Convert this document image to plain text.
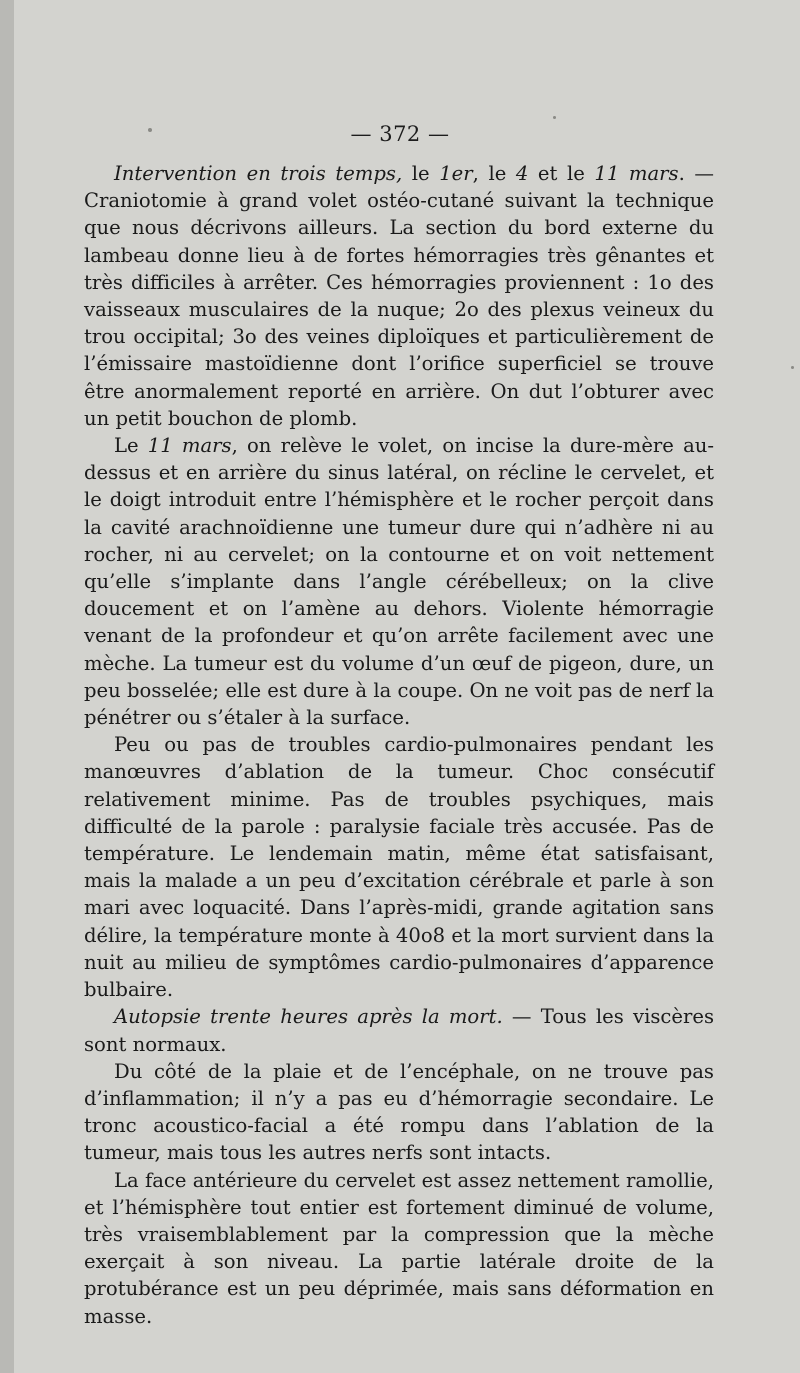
— 372 —

Intervention en trois temps, le 1er, le 4 et le 11 mars. — Craniotomie à grand volet ostéo-cutané suivant la technique que nous décrivons ailleurs. La section du bord externe du lambeau donne lieu à de fortes hémorragies très gênantes et très difficiles à arrêter. Ces hémorragies proviennent : 1o des vaisseaux musculaires de la nuque; 2o des plexus veineux du trou occipital; 3o des veines diploïques et particulièrement de l’émissaire mastoïdienne dont l’orifice superficiel se trouve être anormalement reporté en arrière. On dut l’obturer avec un petit bouchon de plomb.

Le 11 mars, on relève le volet, on incise la dure-mère au-dessus et en arrière du sinus latéral, on récline le cervelet, et le doigt introduit entre l’hémisphère et le rocher perçoit dans la cavité arachnoïdienne une tumeur dure qui n’adhère ni au rocher, ni au cervelet; on la contourne et on voit nettement qu’elle s’implante dans l’angle cérébelleux; on la clive doucement et on l’amène au dehors. Violente hémorragie venant de la profondeur et qu’on arrête facilement avec une mèche. La tumeur est du volume d’un œuf de pigeon, dure, un peu bosselée; elle est dure à la coupe. On ne voit pas de nerf la pénétrer ou s’étaler à la surface.

Peu ou pas de troubles cardio-pulmonaires pendant les manœuvres d’ablation de la tumeur. Choc consécutif relativement minime. Pas de troubles psychiques, mais difficulté de la parole : paralysie faciale très accusée. Pas de température. Le lendemain matin, même état satisfaisant, mais la malade a un peu d’excitation cérébrale et parle à son mari avec loquacité. Dans l’après-midi, grande agitation sans délire, la température monte à 40o8 et la mort survient dans la nuit au milieu de symptômes cardio-pulmonaires d’apparence bulbaire.

Autopsie trente heures après la mort. — Tous les viscères sont normaux.

Du côté de la plaie et de l’encéphale, on ne trouve pas d’inflammation; il n’y a pas eu d’hémorragie secondaire. Le tronc acoustico-facial a été rompu dans l’ablation de la tumeur, mais tous les autres nerfs sont intacts.

La face antérieure du cervelet est assez nettement ramollie, et l’hémisphère tout entier est fortement diminué de volume, très vraisemblablement par la compression que la mèche exerçait à son niveau. La partie latérale droite de la protubérance est un peu déprimée, mais sans déformation en masse.
